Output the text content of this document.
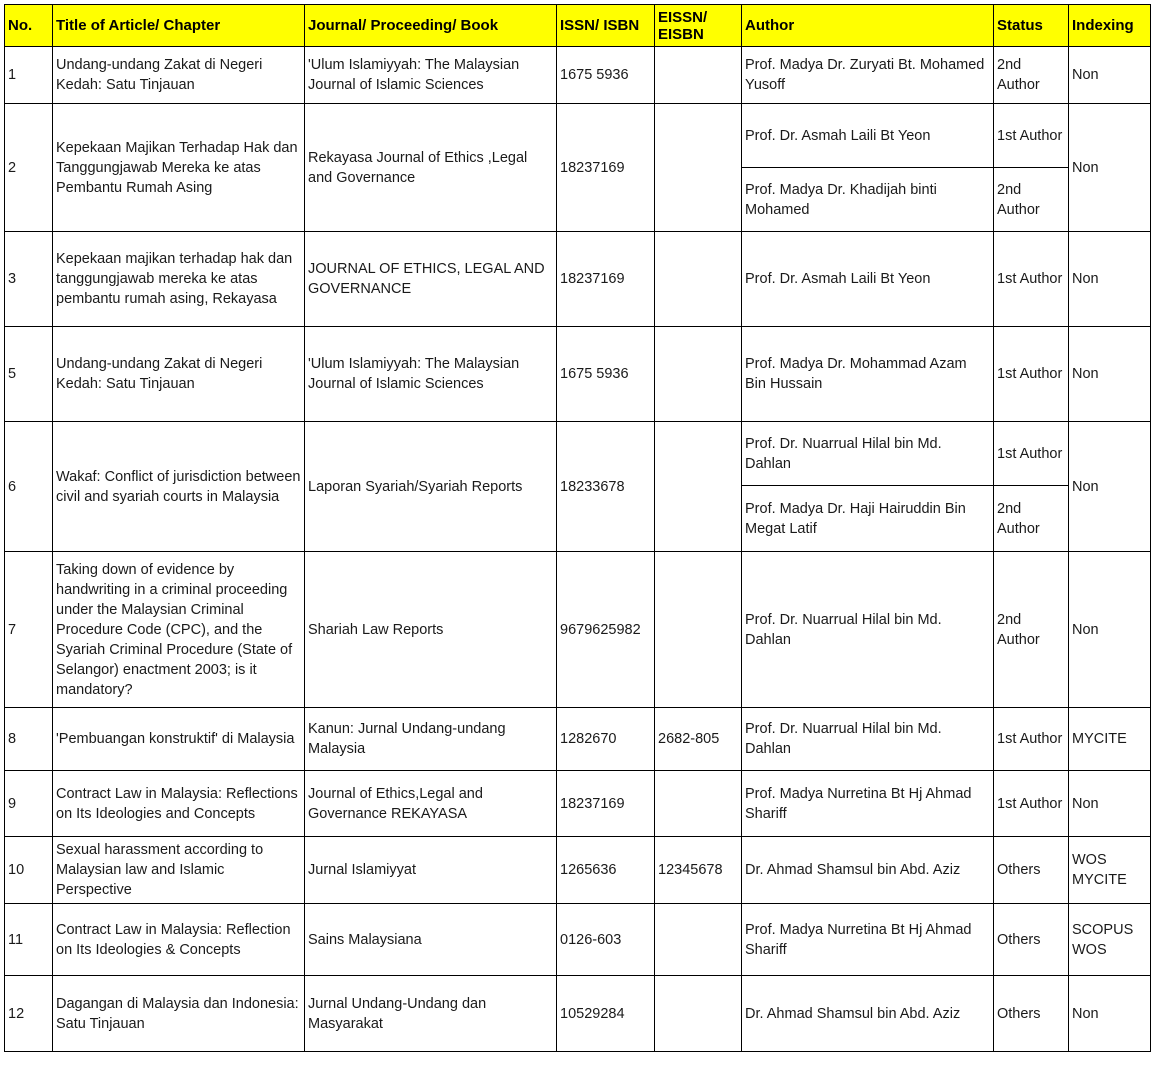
No.	Title of Article/ Chapter	Journal/ Proceeding/ Book	ISSN/ ISBN	EISSN/ EISBN	Author	Status	Indexing
1	Undang-undang Zakat di Negeri Kedah: Satu Tinjauan	'Ulum Islamiyyah: The Malaysian Journal of Islamic Sciences	1675 5936		Prof. Madya Dr. Zuryati Bt. Mohamed Yusoff	2nd Author	Non
2	Kepekaan Majikan Terhadap Hak dan Tanggungjawab Mereka ke atas Pembantu Rumah Asing	Rekayasa Journal of Ethics ,Legal and Governance	18237169		Prof. Dr. Asmah Laili Bt Yeon	1st Author	Non
					Prof. Madya Dr. Khadijah binti Mohamed	2nd Author	
3	Kepekaan majikan terhadap hak dan tanggungjawab mereka ke atas pembantu rumah asing, Rekayasa	JOURNAL OF ETHICS, LEGAL AND GOVERNANCE	18237169		Prof. Dr. Asmah Laili Bt Yeon	1st Author	Non
5	Undang-undang Zakat di Negeri Kedah: Satu Tinjauan	'Ulum Islamiyyah: The Malaysian Journal of Islamic Sciences	1675 5936		Prof. Madya Dr. Mohammad Azam Bin Hussain	1st Author	Non
6	Wakaf: Conflict of jurisdiction between civil and syariah courts in Malaysia	Laporan Syariah/Syariah Reports	18233678		Prof. Dr. Nuarrual Hilal bin Md. Dahlan	1st Author	Non
					Prof. Madya Dr. Haji Hairuddin Bin Megat Latif	2nd Author	
7	Taking down of evidence by handwriting in a criminal proceeding under the Malaysian Criminal Procedure Code (CPC), and the Syariah Criminal Procedure (State of Selangor) enactment 2003; is it mandatory?	Shariah Law Reports	9679625982		Prof. Dr. Nuarrual Hilal bin Md. Dahlan	2nd Author	Non
8	'Pembuangan konstruktif' di Malaysia	Kanun: Jurnal Undang-undang Malaysia	1282670	2682-805	Prof. Dr. Nuarrual Hilal bin Md. Dahlan	1st Author	MYCITE
9	Contract Law in Malaysia: Reflections on Its Ideologies and Concepts	Journal of Ethics,Legal and Governance REKAYASA	18237169		Prof. Madya Nurretina Bt Hj Ahmad Shariff	1st Author	Non
10	Sexual harassment according to Malaysian law and Islamic Perspective	Jurnal Islamiyyat	1265636	12345678	Dr. Ahmad Shamsul bin Abd. Aziz	Others	WOS MYCITE
11	Contract Law in Malaysia: Reflection on Its Ideologies & Concepts	Sains Malaysiana	0126-603		Prof. Madya Nurretina Bt Hj Ahmad Shariff	Others	SCOPUS WOS
12	Dagangan di Malaysia dan Indonesia: Satu Tinjauan	Jurnal Undang-Undang dan Masyarakat	10529284		Dr. Ahmad Shamsul bin Abd. Aziz	Others	Non
